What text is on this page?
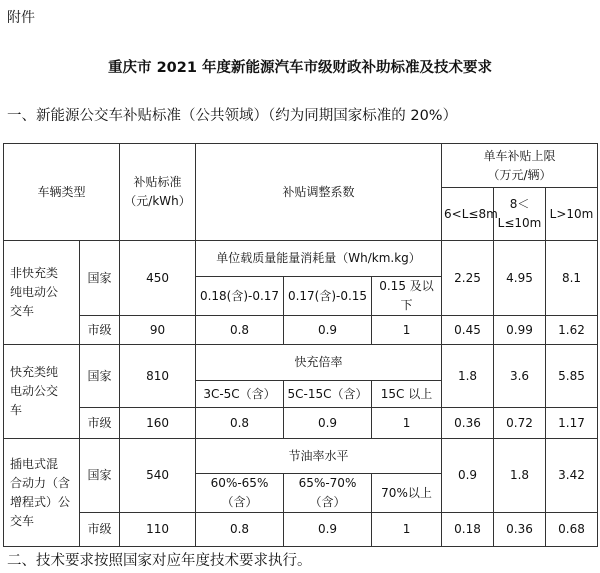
附件
重庆市 2021 年度新能源汽车市级财政补助标准及技术要求
一、新能源公交车补贴标准（公共领域）（约为同期国家标准的 20%）
车辆类型		补贴标准
（元/kWh）	补贴调整系数			单车补贴上限
（万元/辆）		
						6<L≤8m	8＜
L≤10m	L>10m
非快充类
纯电动公
交车	国家	450	单位载质量能量消耗量（Wh/km.kg）			2.25	4.95	8.1
			0.18(含)-0.17	0.17(含)-0.15	0.15 及以下			
	市级	90	0.8	0.9	1	0.45	0.99	1.62
快充类纯
电动公交
车	国家	810	快充倍率			1.8	3.6	5.85
			3C-5C（含）	5C-15C（含）	15C 以上			
	市级	160	0.8	0.9	1	0.36	0.72	1.17
插电式混
合动力（含
增程式）公
交车	国家	540	节油率水平			0.9	1.8	3.42
			60%-65%（含）	65%-70%（含）	70%以上			
	市级	110	0.8	0.9	1	0.18	0.36	0.68
二、技术要求按照国家对应年度技术要求执行。
